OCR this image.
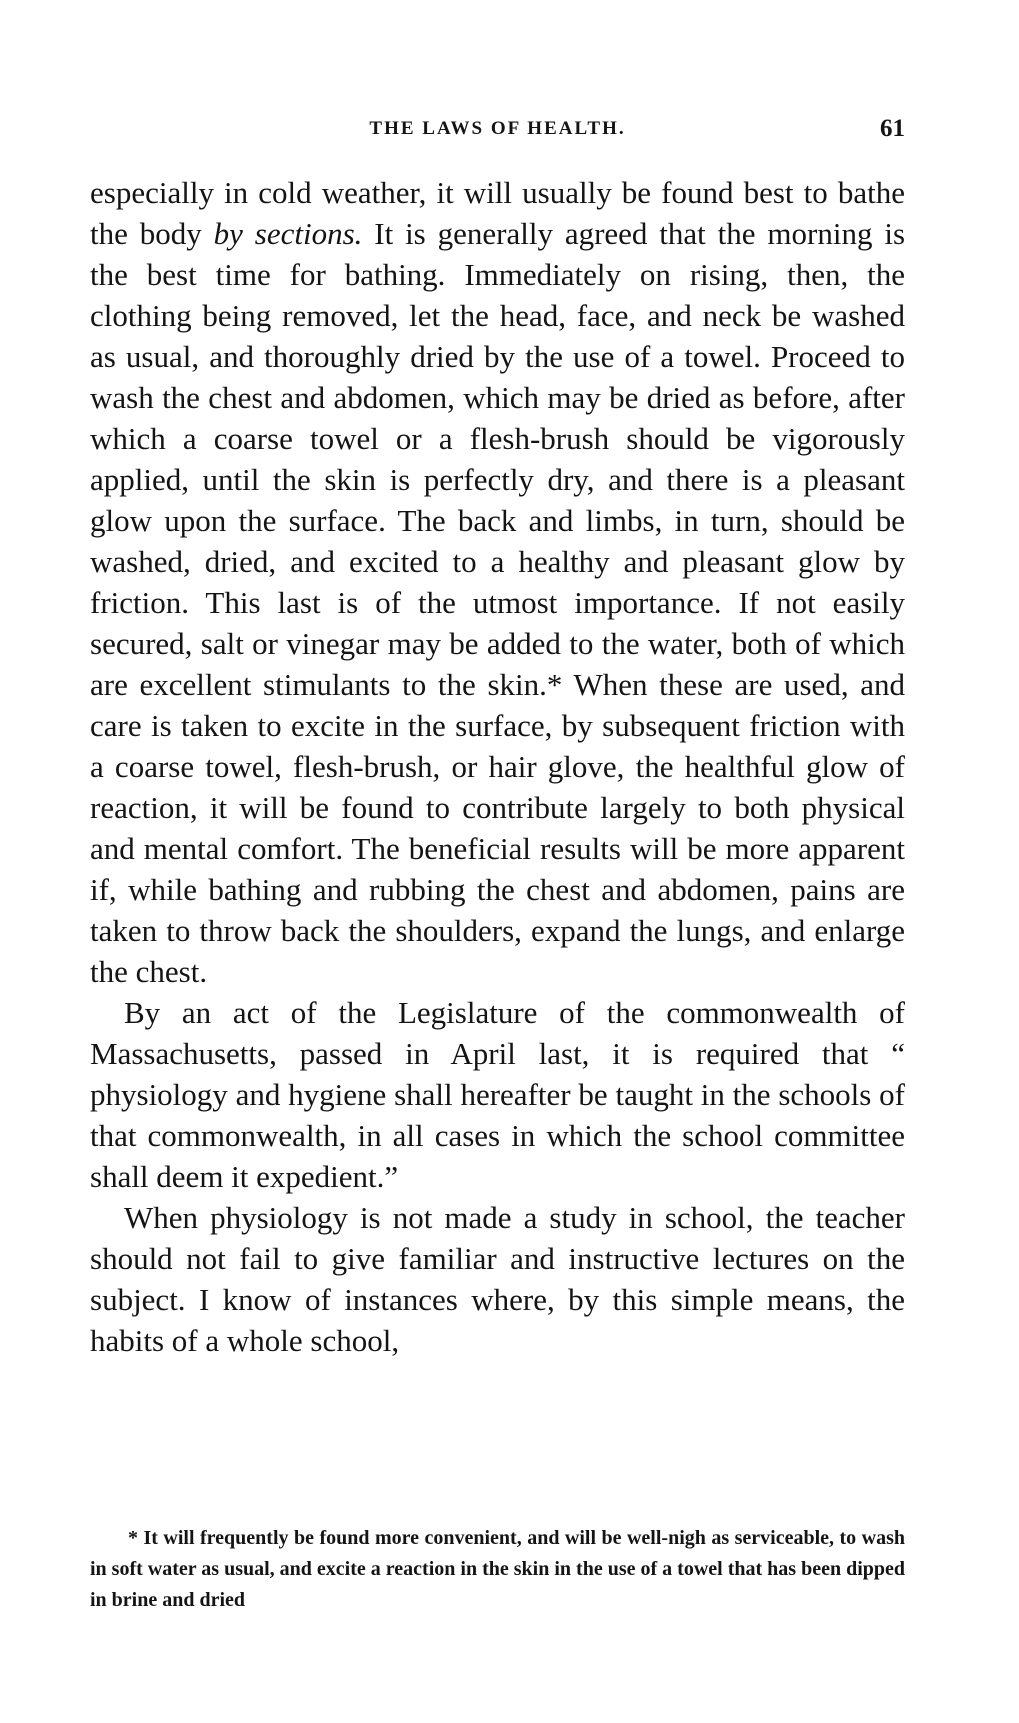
THE LAWS OF HEALTH.	61

especially in cold weather, it will usually be found best to bathe the body by sections. It is generally agreed that the morning is the best time for bathing. Immediately on rising, then, the clothing being removed, let the head, face, and neck be washed as usual, and thoroughly dried by the use of a towel. Proceed to wash the chest and abdomen, which may be dried as before, after which a coarse towel or a flesh-brush should be vigorously applied, until the skin is perfectly dry, and there is a pleasant glow upon the surface. The back and limbs, in turn, should be washed, dried, and excited to a healthy and pleasant glow by friction. This last is of the utmost importance. If not easily secured, salt or vinegar may be added to the water, both of which are excellent stimulants to the skin.* When these are used, and care is taken to excite in the surface, by subsequent friction with a coarse towel, flesh-brush, or hair glove, the healthful glow of reaction, it will be found to contribute largely to both physical and mental comfort. The beneficial results will be more apparent if, while bathing and rubbing the chest and abdomen, pains are taken to throw back the shoulders, expand the lungs, and enlarge the chest.

By an act of the Legislature of the commonwealth of Massachusetts, passed in April last, it is required that “ physiology and hygiene shall hereafter be taught in the schools of that commonwealth, in all cases in which the school committee shall deem it expedient.”

When physiology is not made a study in school, the teacher should not fail to give familiar and instructive lectures on the subject. I know of instances where, by this simple means, the habits of a whole school,

* It will frequently be found more convenient, and will be well-nigh as serviceable, to wash in soft water as usual, and excite a reaction in the skin in the use of a towel that has been dipped in brine and dried
